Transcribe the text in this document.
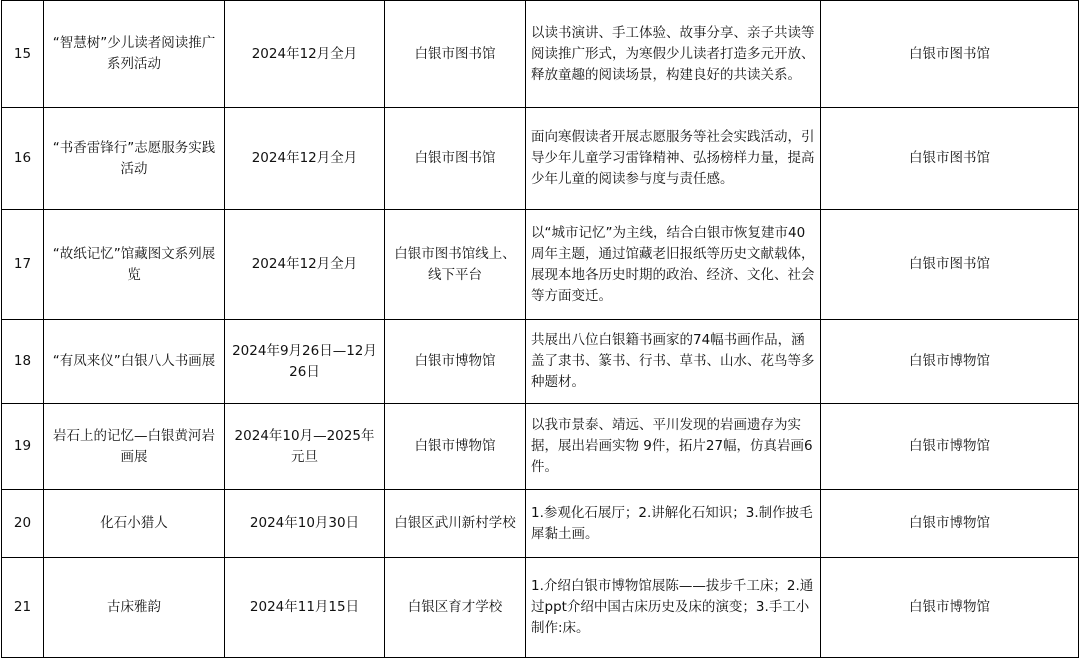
15	“智慧树”少儿读者阅读推广系列活动	2024年12月全月	白银市图书馆	以读书演讲、手工体验、故事分享、亲子共读等阅读推广形式，为寒假少儿读者打造多元开放、释放童趣的阅读场景，构建良好的共读关系。	白银市图书馆
16	“书香雷锋行”志愿服务实践活动	2024年12月全月	白银市图书馆	面向寒假读者开展志愿服务等社会实践活动，引导少年儿童学习雷锋精神、弘扬榜样力量，提高少年儿童的阅读参与度与责任感。	白银市图书馆
17	“故纸记忆”馆藏图文系列展览	2024年12月全月	白银市图书馆线上、线下平台	以“城市记忆”为主线，结合白银市恢复建市40周年主题，通过馆藏老旧报纸等历史文献载体，展现本地各历史时期的政治、经济、文化、社会等方面变迁。	白银市图书馆
18	“有凤来仪”白银八人书画展	2024年9月26日—12月26日	白银市博物馆	共展出八位白银籍书画家的74幅书画作品，涵盖了隶书、篆书、行书、草书、山水、花鸟等多种题材。	白银市博物馆
19	岩石上的记忆—白银黄河岩画展	2024年10月—2025年元旦	白银市博物馆	以我市景泰、靖远、平川发现的岩画遗存为实据，展出岩画实物 9件，拓片27幅，仿真岩画6件。	白银市博物馆
20	化石小猎人	2024年10月30日	白银区武川新村学校	1.参观化石展厅；2.讲解化石知识；3.制作披毛犀黏土画。	白银市博物馆
21	古床雅韵	2024年11月15日	白银区育才学校	1.介绍白银市博物馆展陈——拔步千工床；2.通过ppt介绍中国古床历史及床的演变；3.手工小制作:床。	白银市博物馆
